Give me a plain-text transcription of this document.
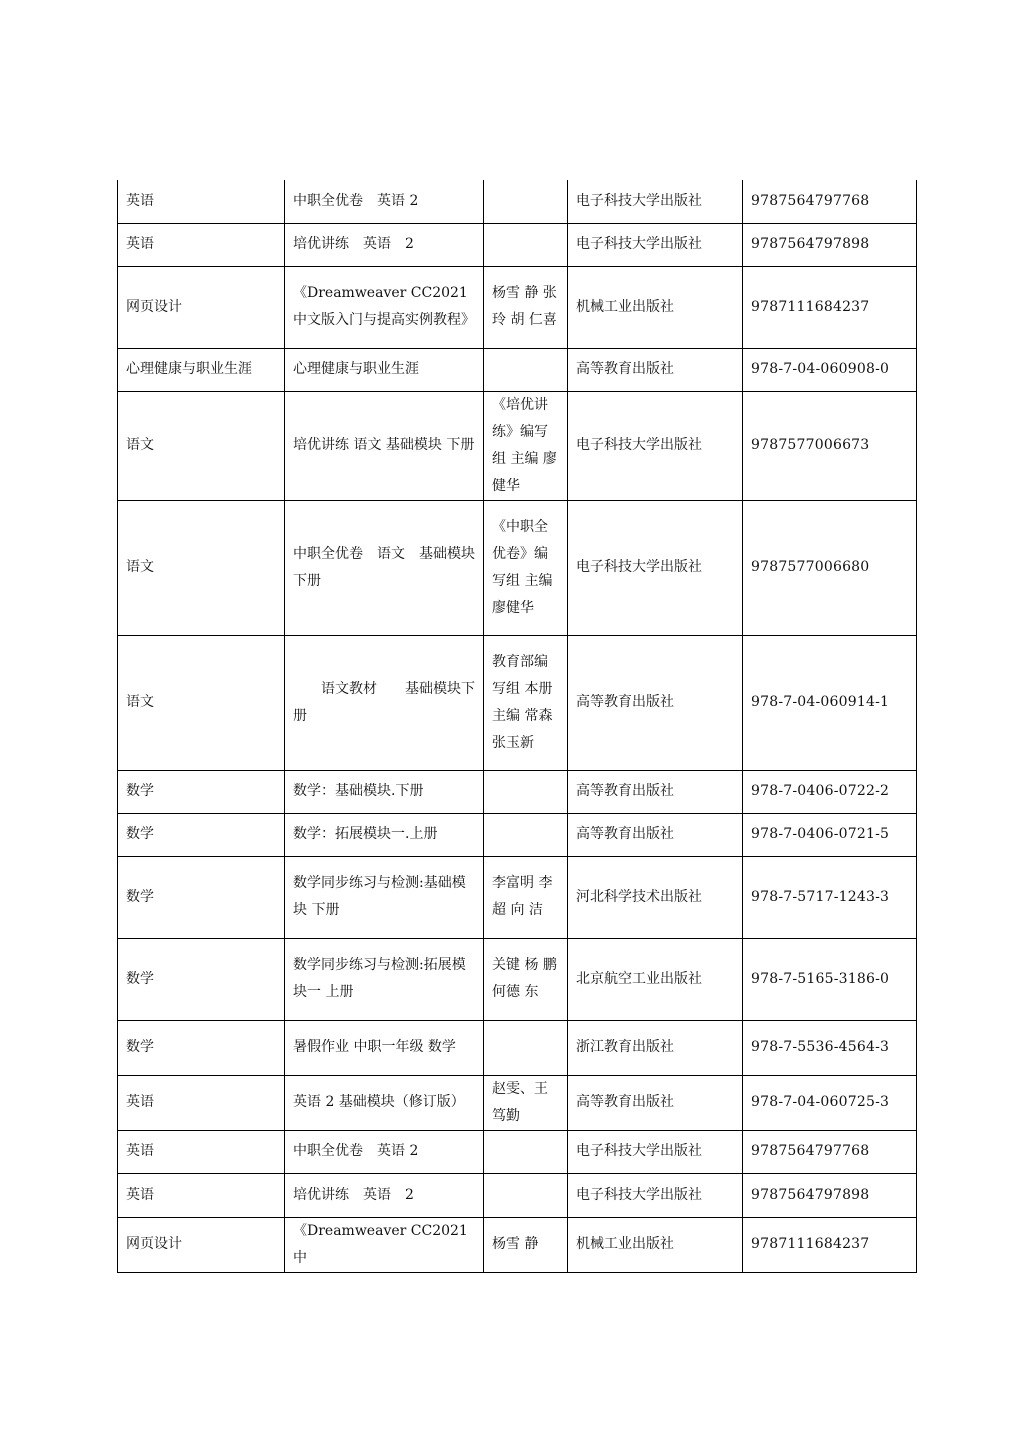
英语	中职全优卷　英语 2		电子科技大学出版社	9787564797768
英语	培优讲练　英语　2		电子科技大学出版社	9787564797898
网页设计	《Dreamweaver CC2021 中文版入门与提高实例教程》	杨雪 静 张玲 胡 仁喜	机械工业出版社	9787111684237
心理健康与职业生涯	心理健康与职业生涯		高等教育出版社	978-7-04-060908-0
语文	培优讲练 语文 基础模块 下册	《培优讲练》编写组 主编 廖健华	电子科技大学出版社	9787577006673
语文	中职全优卷　语文　基础模块下册	《中职全优卷》编写组 主编 廖健华	电子科技大学出版社	9787577006680
语文	语文教材　　基础模块下册	教育部编写组 本册主编 常森 张玉新	高等教育出版社	978-7-04-060914-1
数学	数学：基础模块.下册		高等教育出版社	978-7-0406-0722-2
数学	数学：拓展模块一.上册		高等教育出版社	978-7-0406-0721-5
数学	数学同步练习与检测:基础模块 下册	李富明 李超 向 洁	河北科学技术出版社	978-7-5717-1243-3
数学	数学同步练习与检测:拓展模块一 上册	关键 杨 鹏 何德 东	北京航空工业出版社	978-7-5165-3186-0
数学	暑假作业 中职一年级 数学		浙江教育出版社	978-7-5536-4564-3
英语	英语 2 基础模块（修订版）	赵雯、王笃勤	高等教育出版社	978-7-04-060725-3
英语	中职全优卷　英语 2		电子科技大学出版社	9787564797768
英语	培优讲练　英语　2		电子科技大学出版社	9787564797898
网页设计	《Dreamweaver CC2021 中	杨雪 静	机械工业出版社	9787111684237
